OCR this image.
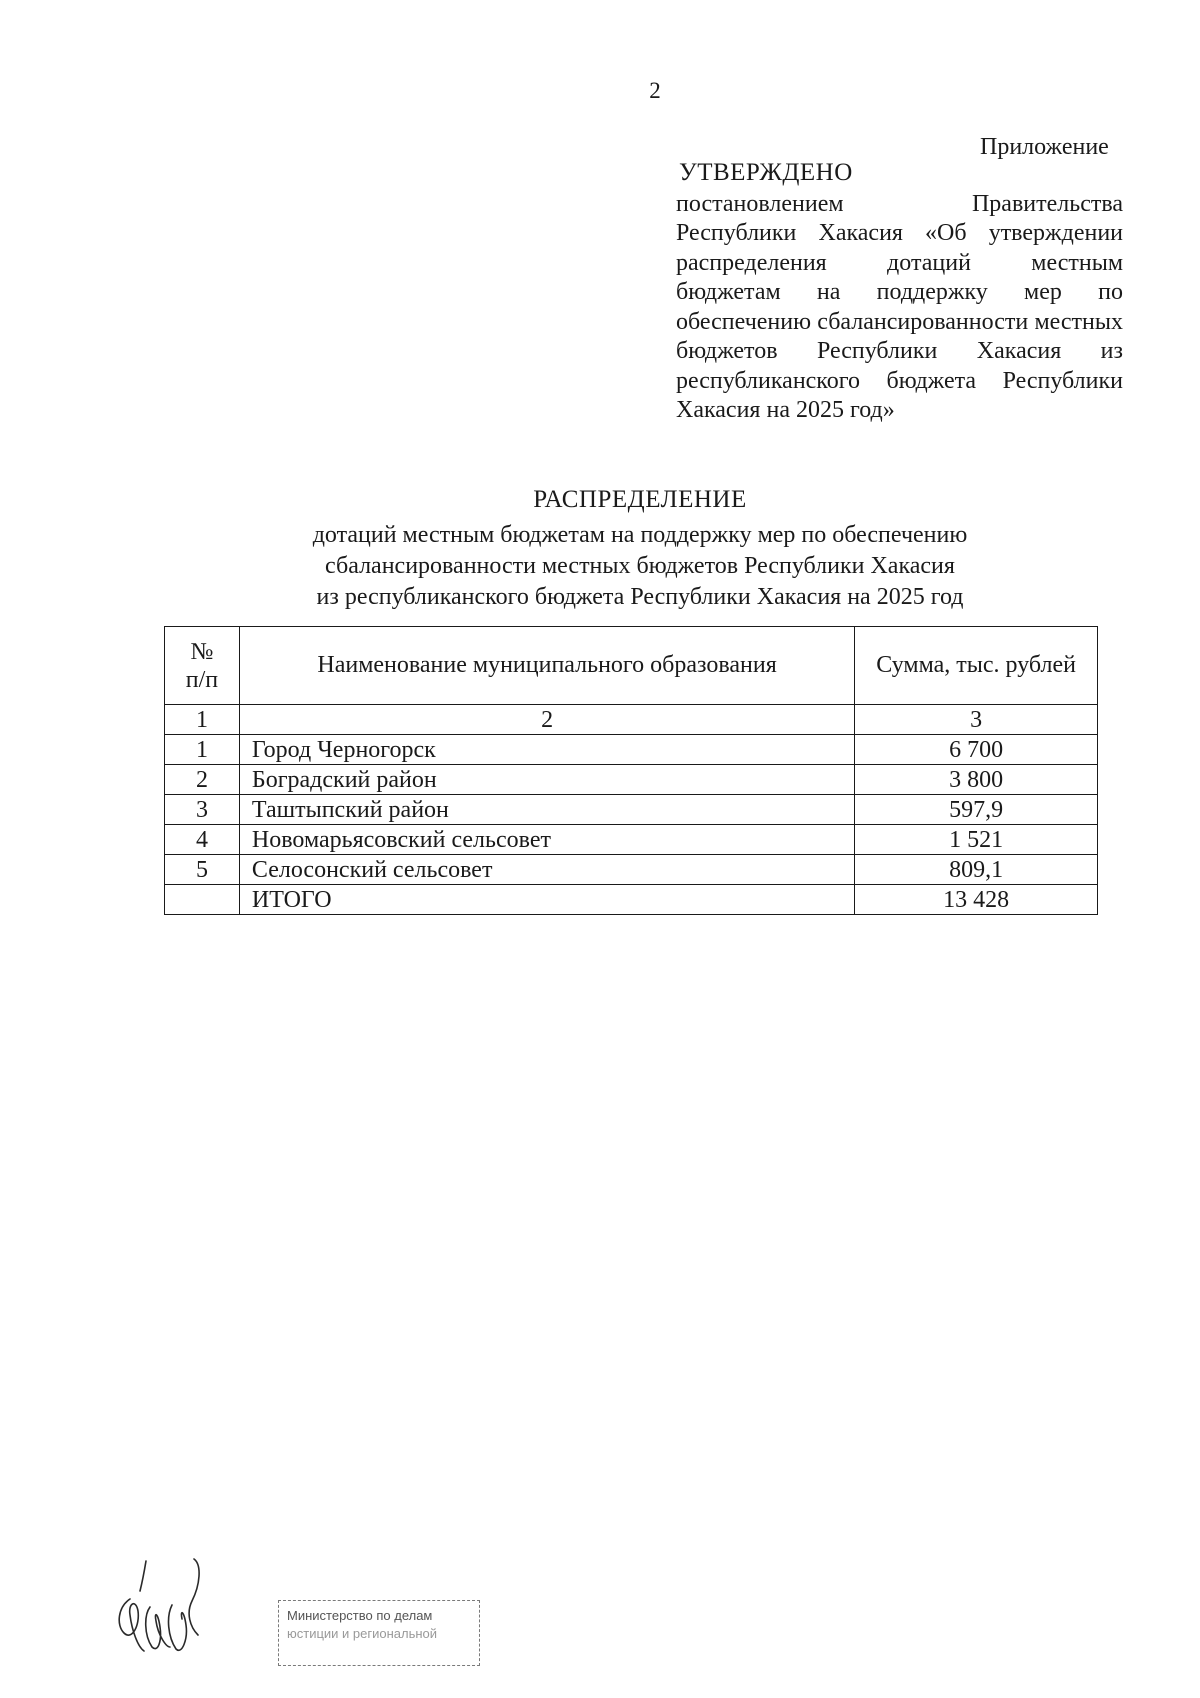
2
Приложение
УТВЕРЖДЕНО
постановлением Правительства Республики Хакасия «Об утверждении распределения дотаций местным бюджетам на поддержку мер по обеспечению сбалансированности местных бюджетов Республики Хакасия из республиканского бюджета Республики Хакасия на 2025 год»
РАСПРЕДЕЛЕНИЕ
дотаций местным бюджетам на поддержку мер по обеспечению
сбалансированности местных бюджетов Республики Хакасия
из республиканского бюджета Республики Хакасия на 2025 год
№
п/п	Наименование муниципального образования	Сумма, тыс. рублей
1	2	3
1	Город Черногорск	6 700
2	Боградский район	3 800
3	Таштыпский район	597,9
4	Новомарьясовский сельсовет	1 521
5	Селосонский сельсовет	809,1
	ИТОГО	13 428
Министерство по делам
юстиции и региональной
